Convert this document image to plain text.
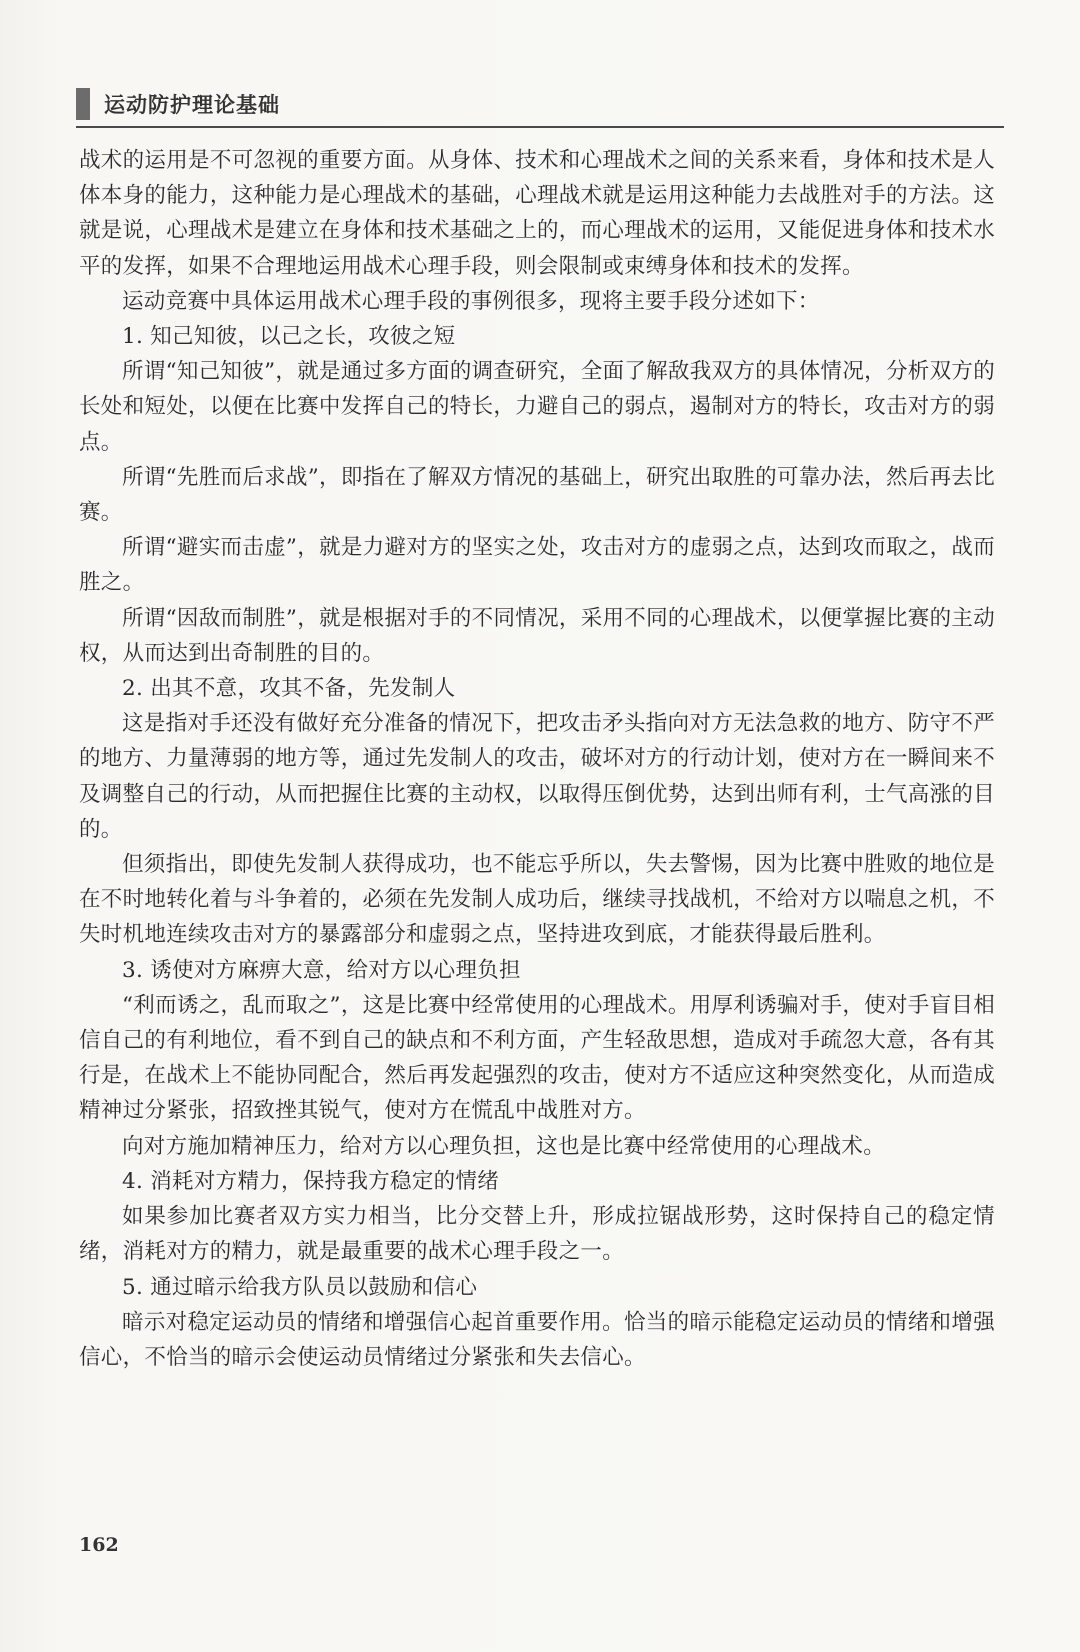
运动防护理论基础

战术的运用是不可忽视的重要方面。从身体、技术和心理战术之间的关系来看，身体和技术是人体本身的能力，这种能力是心理战术的基础，心理战术就是运用这种能力去战胜对手的方法。这就是说，心理战术是建立在身体和技术基础之上的，而心理战术的运用，又能促进身体和技术水平的发挥，如果不合理地运用战术心理手段，则会限制或束缚身体和技术的发挥。

运动竞赛中具体运用战术心理手段的事例很多，现将主要手段分述如下：

1. 知己知彼，以己之长，攻彼之短

所谓“知己知彼”，就是通过多方面的调查研究，全面了解敌我双方的具体情况，分析双方的长处和短处，以便在比赛中发挥自己的特长，力避自己的弱点，遏制对方的特长，攻击对方的弱点。

所谓“先胜而后求战”，即指在了解双方情况的基础上，研究出取胜的可靠办法，然后再去比赛。

所谓“避实而击虚”，就是力避对方的坚实之处，攻击对方的虚弱之点，达到攻而取之，战而胜之。

所谓“因敌而制胜”，就是根据对手的不同情况，采用不同的心理战术，以便掌握比赛的主动权，从而达到出奇制胜的目的。

2. 出其不意，攻其不备，先发制人

这是指对手还没有做好充分准备的情况下，把攻击矛头指向对方无法急救的地方、防守不严的地方、力量薄弱的地方等，通过先发制人的攻击，破坏对方的行动计划，使对方在一瞬间来不及调整自己的行动，从而把握住比赛的主动权，以取得压倒优势，达到出师有利，士气高涨的目的。

但须指出，即使先发制人获得成功，也不能忘乎所以，失去警惕，因为比赛中胜败的地位是在不时地转化着与斗争着的，必须在先发制人成功后，继续寻找战机，不给对方以喘息之机，不失时机地连续攻击对方的暴露部分和虚弱之点，坚持进攻到底，才能获得最后胜利。

3. 诱使对方麻痹大意，给对方以心理负担

“利而诱之，乱而取之”，这是比赛中经常使用的心理战术。用厚利诱骗对手，使对手盲目相信自己的有利地位，看不到自己的缺点和不利方面，产生轻敌思想，造成对手疏忽大意，各有其行是，在战术上不能协同配合，然后再发起强烈的攻击，使对方不适应这种突然变化，从而造成精神过分紧张，招致挫其锐气，使对方在慌乱中战胜对方。

向对方施加精神压力，给对方以心理负担，这也是比赛中经常使用的心理战术。

4. 消耗对方精力，保持我方稳定的情绪

如果参加比赛者双方实力相当，比分交替上升，形成拉锯战形势，这时保持自己的稳定情绪，消耗对方的精力，就是最重要的战术心理手段之一。

5. 通过暗示给我方队员以鼓励和信心

暗示对稳定运动员的情绪和增强信心起首重要作用。恰当的暗示能稳定运动员的情绪和增强信心，不恰当的暗示会使运动员情绪过分紧张和失去信心。

162
